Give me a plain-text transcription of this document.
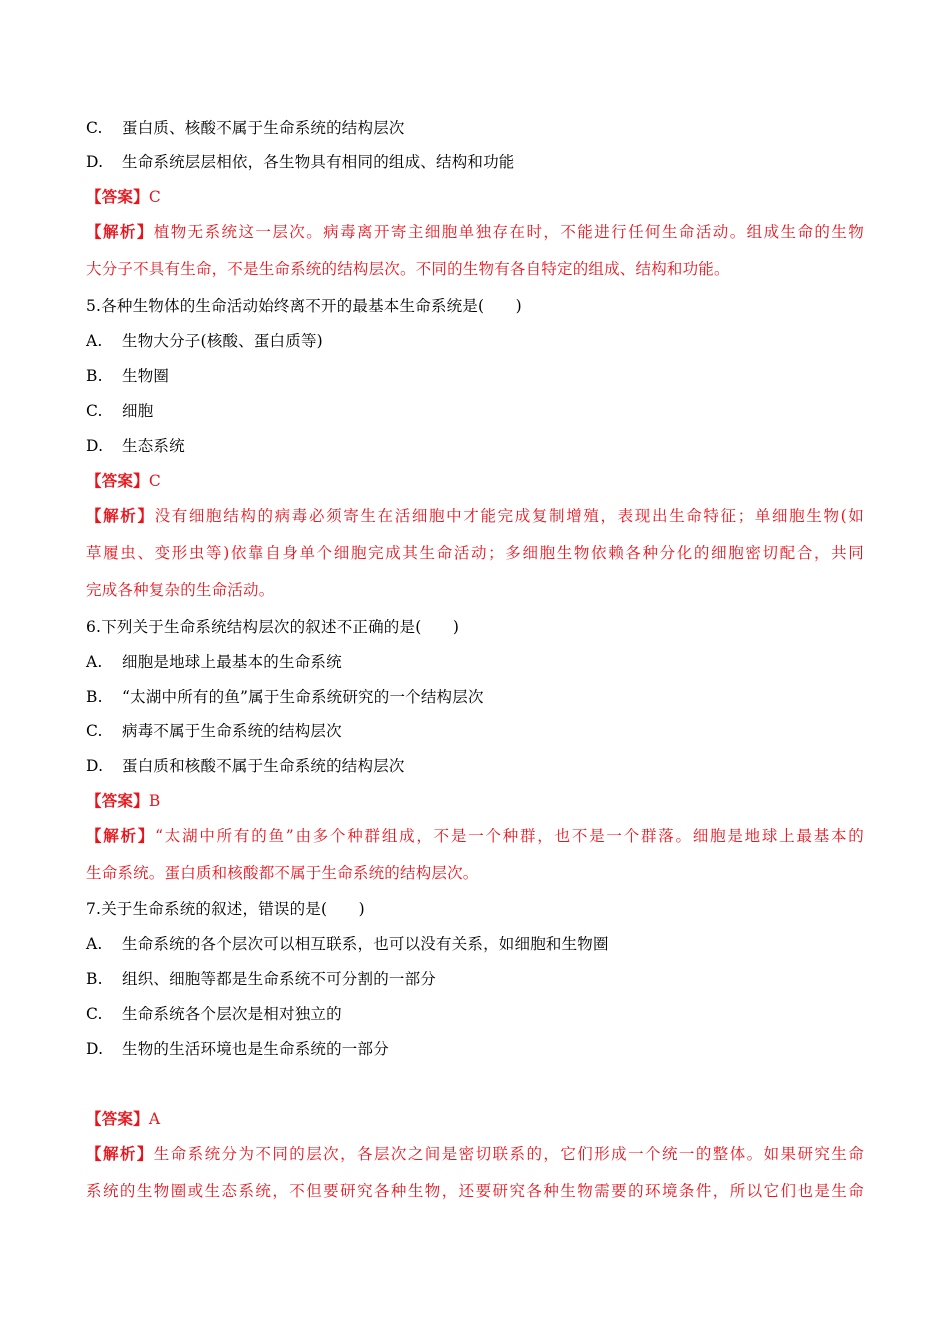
C. 蛋白质、核酸不属于生命系统的结构层次
D. 生命系统层层相依，各生物具有相同的组成、结构和功能
【答案】C
【解析】植物无系统这一层次。病毒离开寄主细胞单独存在时，不能进行任何生命活动。组成生命的生物
大分子不具有生命，不是生命系统的结构层次。不同的生物有各自特定的组成、结构和功能。
5.各种生物体的生命活动始终离不开的最基本生命系统是(　　)
A. 生物大分子(核酸、蛋白质等)
B. 生物圈
C. 细胞
D. 生态系统
【答案】C
【解析】没有细胞结构的病毒必须寄生在活细胞中才能完成复制增殖，表现出生命特征；单细胞生物(如
草履虫、变形虫等)依靠自身单个细胞完成其生命活动；多细胞生物依赖各种分化的细胞密切配合，共同
完成各种复杂的生命活动。
6.下列关于生命系统结构层次的叙述不正确的是(　　)
A. 细胞是地球上最基本的生命系统
B. “太湖中所有的鱼”属于生命系统研究的一个结构层次
C. 病毒不属于生命系统的结构层次
D. 蛋白质和核酸不属于生命系统的结构层次
【答案】B
【解析】“太湖中所有的鱼”由多个种群组成，不是一个种群，也不是一个群落。细胞是地球上最基本的
生命系统。蛋白质和核酸都不属于生命系统的结构层次。
7.关于生命系统的叙述，错误的是(　　)
A. 生命系统的各个层次可以相互联系，也可以没有关系，如细胞和生物圈
B. 组织、细胞等都是生命系统不可分割的一部分
C. 生命系统各个层次是相对独立的
D. 生物的生活环境也是生命系统的一部分
【答案】A
【解析】生命系统分为不同的层次，各层次之间是密切联系的，它们形成一个统一的整体。如果研究生命
系统的生物圈或生态系统，不但要研究各种生物，还要研究各种生物需要的环境条件，所以它们也是生命
